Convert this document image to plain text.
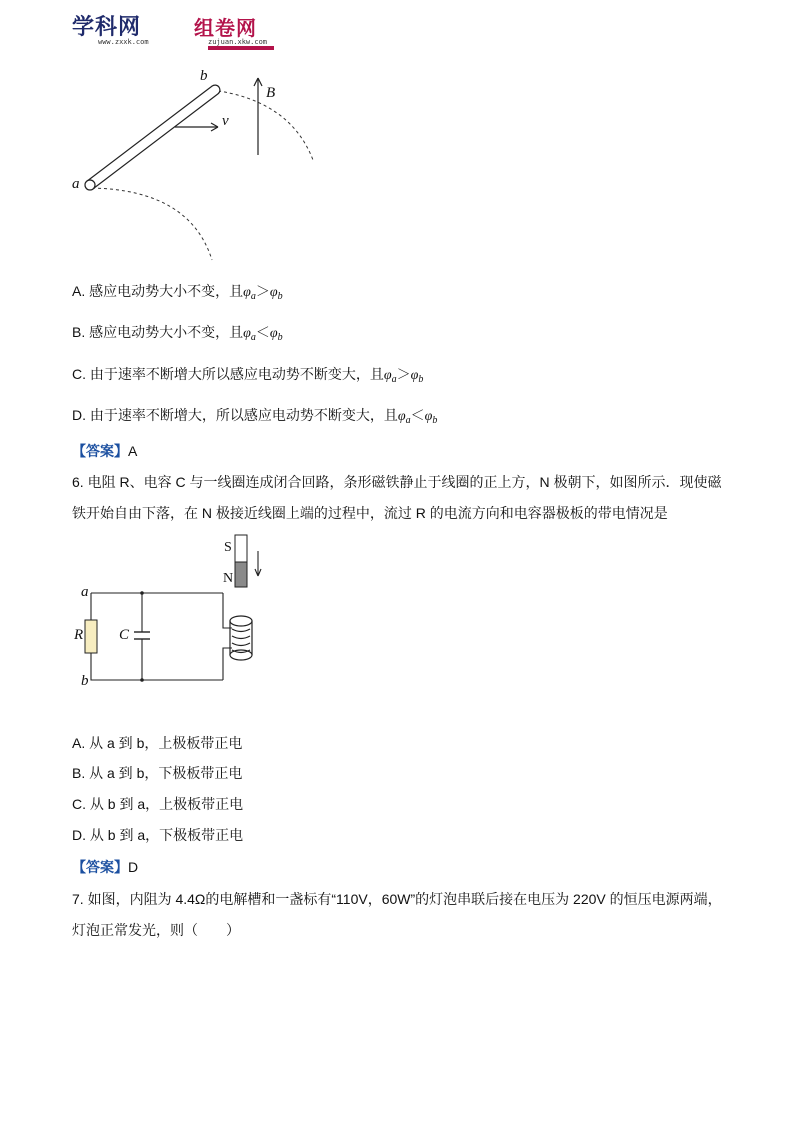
学科网
www.zxxk.com
组卷网
zujuan.xkw.com
b
a
v
B
A. 感应电动势大小不变，且$\varphi_a>\varphi_b$
B. 感应电动势大小不变，且$\varphi_a<\varphi_b$
C. 由于速率不断增大所以感应电动势不断变大，且$\varphi_a>\varphi_b$
D. 由于速率不断增大，所以感应电动势不断变大，且$\varphi_a<\varphi_b$
【答案】A
6. 电阻 R、电容 C 与一线圈连成闭合回路，条形磁铁静止于线圈的正上方，N 极朝下，如图所示．现使磁
铁开始自由下落，在 N 极接近线圈上端的过程中，流过 R 的电流方向和电容器极板的带电情况是
S
N
a
b
R C
A. 从 a 到 b，上极板带正电
B. 从 a 到 b，下极板带正电
C. 从 b 到 a，上极板带正电
D. 从 b 到 a，下极板带正电
【答案】D
7. 如图，内阻为 4.4Ω的电解槽和一盏标有“110V，60W”的灯泡串联后接在电压为 220V 的恒压电源两端，
灯泡正常发光，则（　　）
